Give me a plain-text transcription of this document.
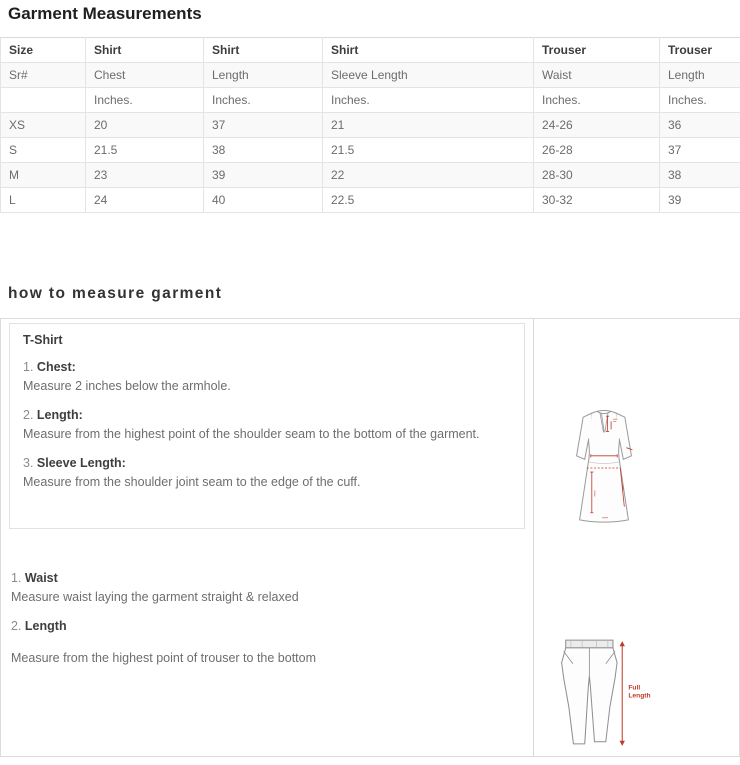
Garment Measurements
Size	Shirt	Shirt	Shirt	Trouser	Trouser
Sr#	Chest	Length	Sleeve Length	Waist	Length
	Inches.	Inches.	Inches.	Inches.	Inches.
XS	20	37	21	24-26	36
S	21.5	38	21.5	26-28	37
M	23	39	22	28-30	38
L	24	40	22.5	30-32	39
how to measure garment
T-Shirt
1. Chest:
Measure 2 inches below the armhole.
2. Length:
Measure from the highest point of the shoulder seam to the bottom of the garment.
3. Sleeve Length:
Measure from the shoulder joint seam to the edge of the cuff.
1. Waist
Measure waist laying the garment straight & relaxed
2. Length
Measure from the highest point of trouser to the bottom
Full
Length
